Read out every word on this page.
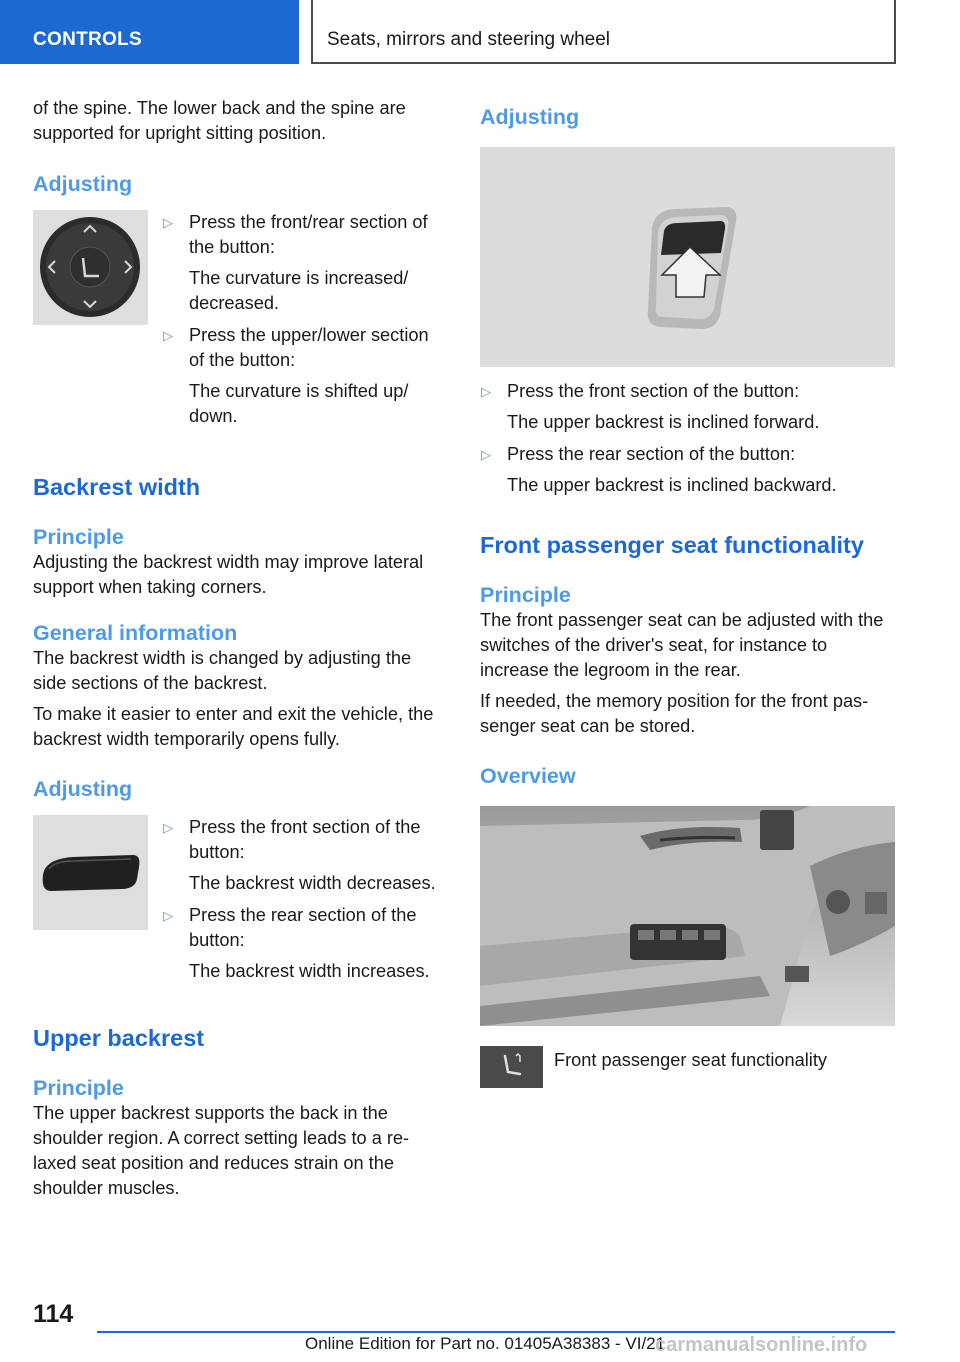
CONTROLS	Seats, mirrors and steering wheel

of the spine. The lower back and the spine are supported for upright sitting position.

Adjusting
▷ Press the front/rear section of the button:
The curvature is increased/ decreased.
▷ Press the upper/lower section of the button:
The curvature is shifted up/ down.
Backrest width
Principle

Adjusting the backrest width may improve lateral support when taking corners.

General information

The backrest width is changed by adjusting the side sections of the backrest.

To make it easier to enter and exit the vehicle, the backrest width temporarily opens fully.

Adjusting
▷ Press the front section of the button:
The backrest width decreases.
▷ Press the rear section of the button:
The backrest width increases.
Upper backrest
Principle

The upper backrest supports the back in the shoulder region. A correct setting leads to a relaxed seat position and reduces strain on the shoulder muscles.

Adjusting
▷ Press the front section of the button:
The upper backrest is inclined forward.
▷ Press the rear section of the button:
The upper backrest is inclined backward.
Front passenger seat functionality
Principle

The front passenger seat can be adjusted with the switches of the driver's seat, for instance to increase the legroom in the rear.

If needed, the memory position for the front passenger seat can be stored.

Overview
Front passenger seat functionality
114
Online Edition for Part no. 01405A38383 - VI/21
carmanualsonline.info
